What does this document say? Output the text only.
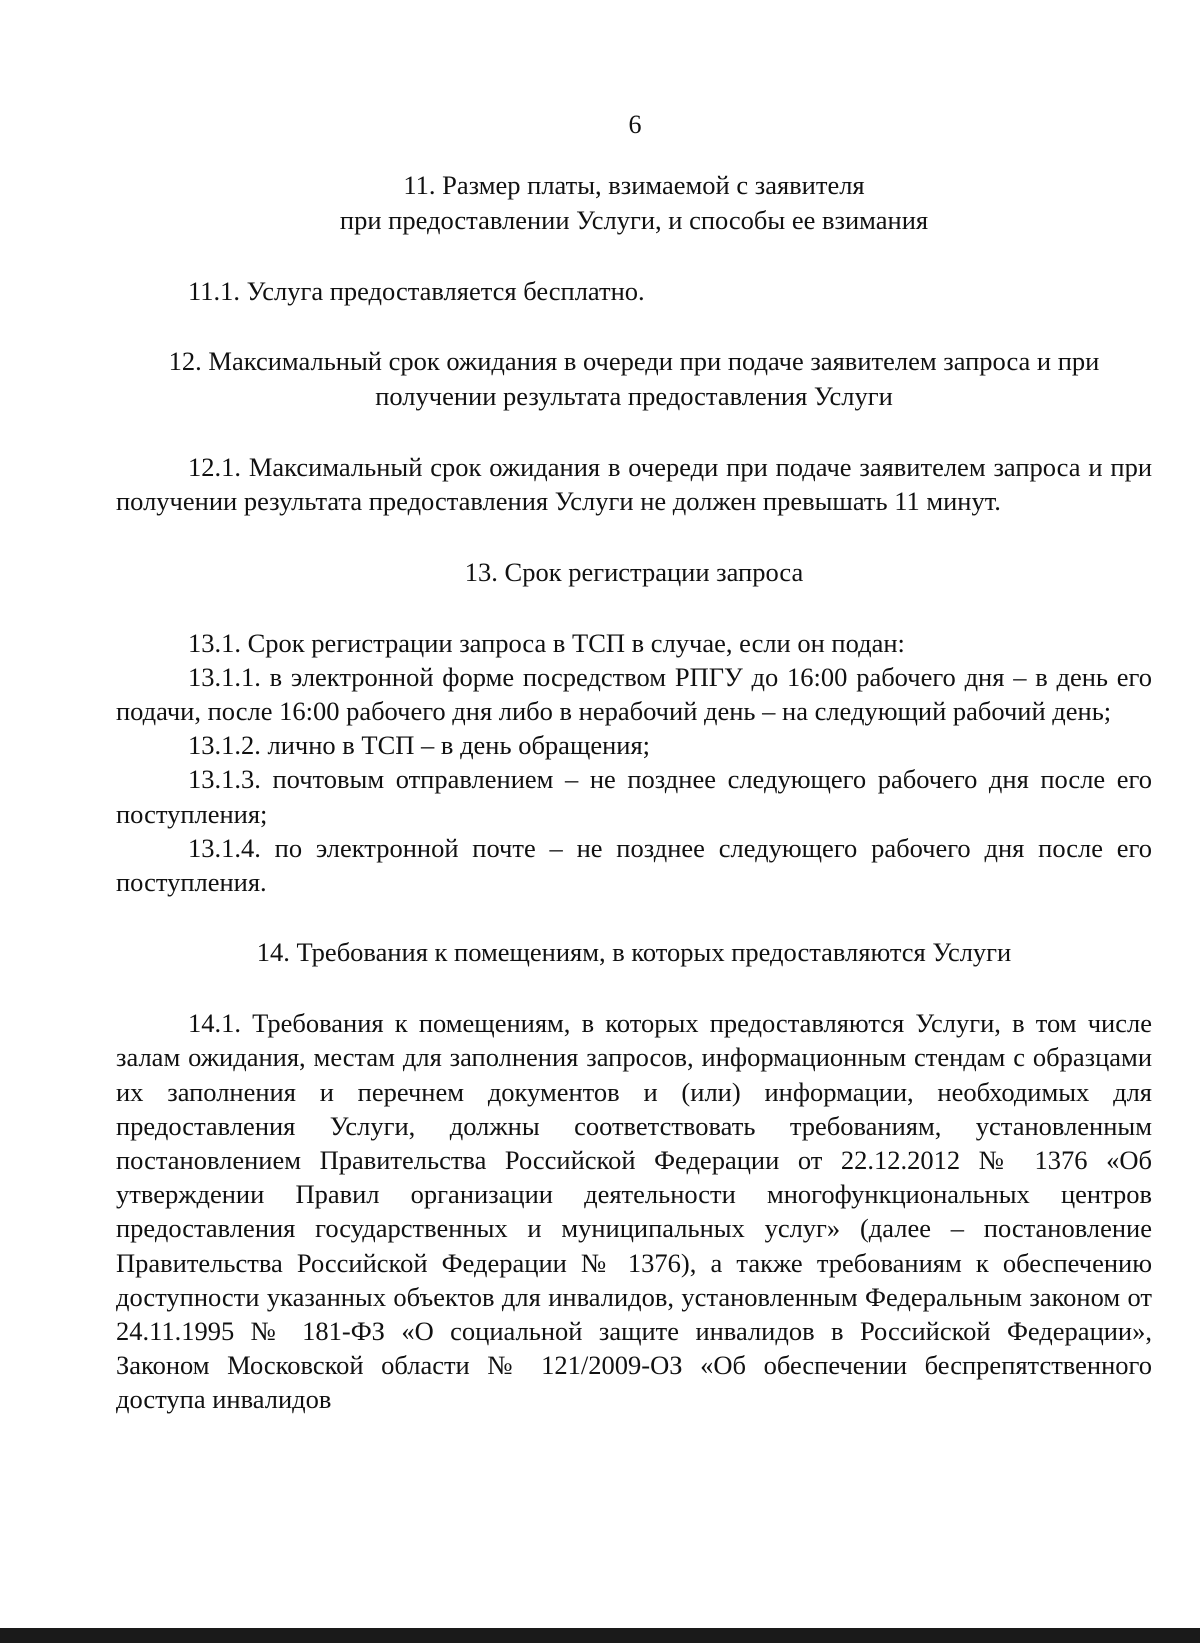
6
11. Размер платы, взимаемой с заявителя
при предоставлении Услуги, и способы ее взимания

11.1. Услуга предоставляется бесплатно.

12. Максимальный срок ожидания в очереди при подаче заявителем запроса и при
получении результата предоставления Услуги

12.1. Максимальный срок ожидания в очереди при подаче заявителем запроса и при получении результата предоставления Услуги не должен превышать 11 минут.

13. Срок регистрации запроса

13.1. Срок регистрации запроса в ТСП в случае, если он подан:

13.1.1. в электронной форме посредством РПГУ до 16:00 рабочего дня – в день его подачи, после 16:00 рабочего дня либо в нерабочий день – на следующий рабочий день;

13.1.2. лично в ТСП – в день обращения;

13.1.3. почтовым отправлением – не позднее следующего рабочего дня после его поступления;

13.1.4. по электронной почте – не позднее следующего рабочего дня после его поступления.

14. Требования к помещениям, в которых предоставляются Услуги

14.1. Требования к помещениям, в которых предоставляются Услуги, в том числе залам ожидания, местам для заполнения запросов, информационным стендам с образцами их заполнения и перечнем документов и (или) информации, необходимых для предоставления Услуги, должны соответствовать требованиям, установленным постановлением Правительства Российской Федерации от 22.12.2012 № 1376 «Об утверждении Правил организации деятельности многофункциональных центров предоставления государственных и муниципальных услуг» (далее – постановление Правительства Российской Федерации № 1376), а также требованиям к обеспечению доступности указанных объектов для инвалидов, установленным Федеральным законом от 24.11.1995 № 181-ФЗ «О социальной защите инвалидов в Российской Федерации», Законом Московской области № 121/2009-ОЗ «Об обеспечении беспрепятственного доступа инвалидов
